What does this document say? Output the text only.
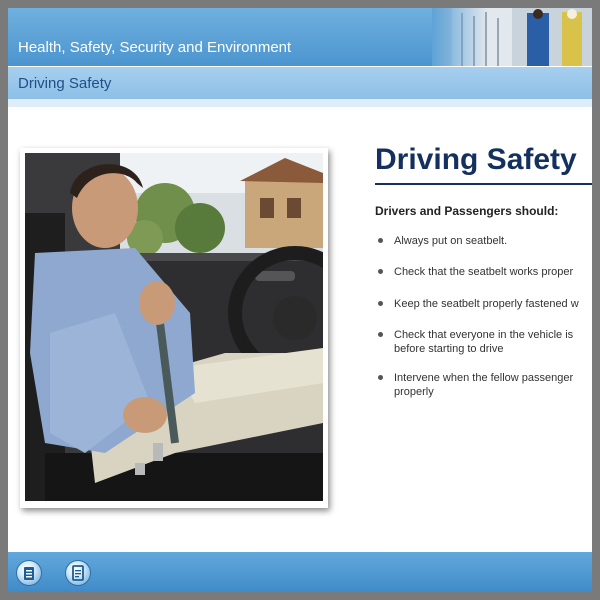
Health, Safety, Security and Environment
Driving Safety
Driving Safety
Drivers and Passengers should:
Always put on seatbelt.
Check that the seatbelt works proper
Keep the seatbelt properly fastened w
Check that everyone in the vehicle is
before starting to drive
Intervene when the fellow passenger
properly
